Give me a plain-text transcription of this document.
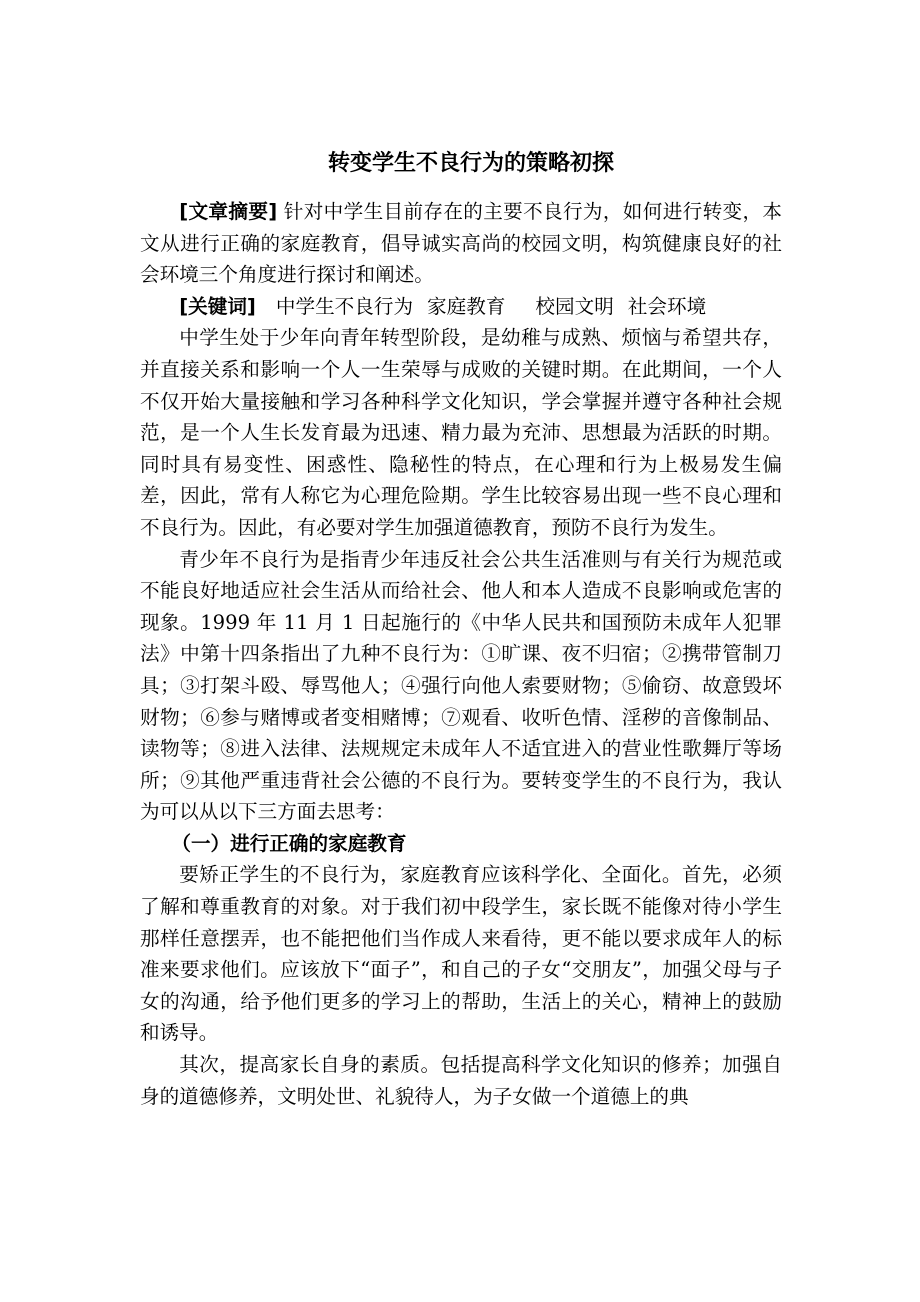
转变学生不良行为的策略初探

[文章摘要] 针对中学生目前存在的主要不良行为，如何进行转变，本文从进行正确的家庭教育，倡导诚实高尚的校园文明，构筑健康良好的社会环境三个角度进行探讨和阐述。

[关键词] 中学生不良行为 家庭教育 校园文明 社会环境

中学生处于少年向青年转型阶段，是幼稚与成熟、烦恼与希望共存，并直接关系和影响一个人一生荣辱与成败的关键时期。在此期间，一个人不仅开始大量接触和学习各种科学文化知识，学会掌握并遵守各种社会规范，是一个人生长发育最为迅速、精力最为充沛、思想最为活跃的时期。同时具有易变性、困惑性、隐秘性的特点，在心理和行为上极易发生偏差，因此，常有人称它为心理危险期。学生比较容易出现一些不良心理和不良行为。因此，有必要对学生加强道德教育，预防不良行为发生。

青少年不良行为是指青少年违反社会公共生活准则与有关行为规范或不能良好地适应社会生活从而给社会、他人和本人造成不良影响或危害的现象。1999 年 11 月 1 日起施行的《中华人民共和国预防未成年人犯罪法》中第十四条指出了九种不良行为：①旷课、夜不归宿；②携带管制刀具；③打架斗殴、辱骂他人；④强行向他人索要财物；⑤偷窃、故意毁坏财物；⑥参与赌博或者变相赌博；⑦观看、收听色情、淫秽的音像制品、读物等；⑧进入法律、法规规定未成年人不适宜进入的营业性歌舞厅等场所；⑨其他严重违背社会公德的不良行为。要转变学生的不良行为，我认为可以从以下三方面去思考：

（一）进行正确的家庭教育

要矫正学生的不良行为，家庭教育应该科学化、全面化。首先，必须了解和尊重教育的对象。对于我们初中段学生，家长既不能像对待小学生那样任意摆弄，也不能把他们当作成人来看待，更不能以要求成年人的标准来要求他们。应该放下“面子”，和自己的子女“交朋友”，加强父母与子女的沟通，给予他们更多的学习上的帮助，生活上的关心，精神上的鼓励和诱导。

其次，提高家长自身的素质。包括提高科学文化知识的修养；加强自身的道德修养，文明处世、礼貌待人，为子女做一个道德上的典
